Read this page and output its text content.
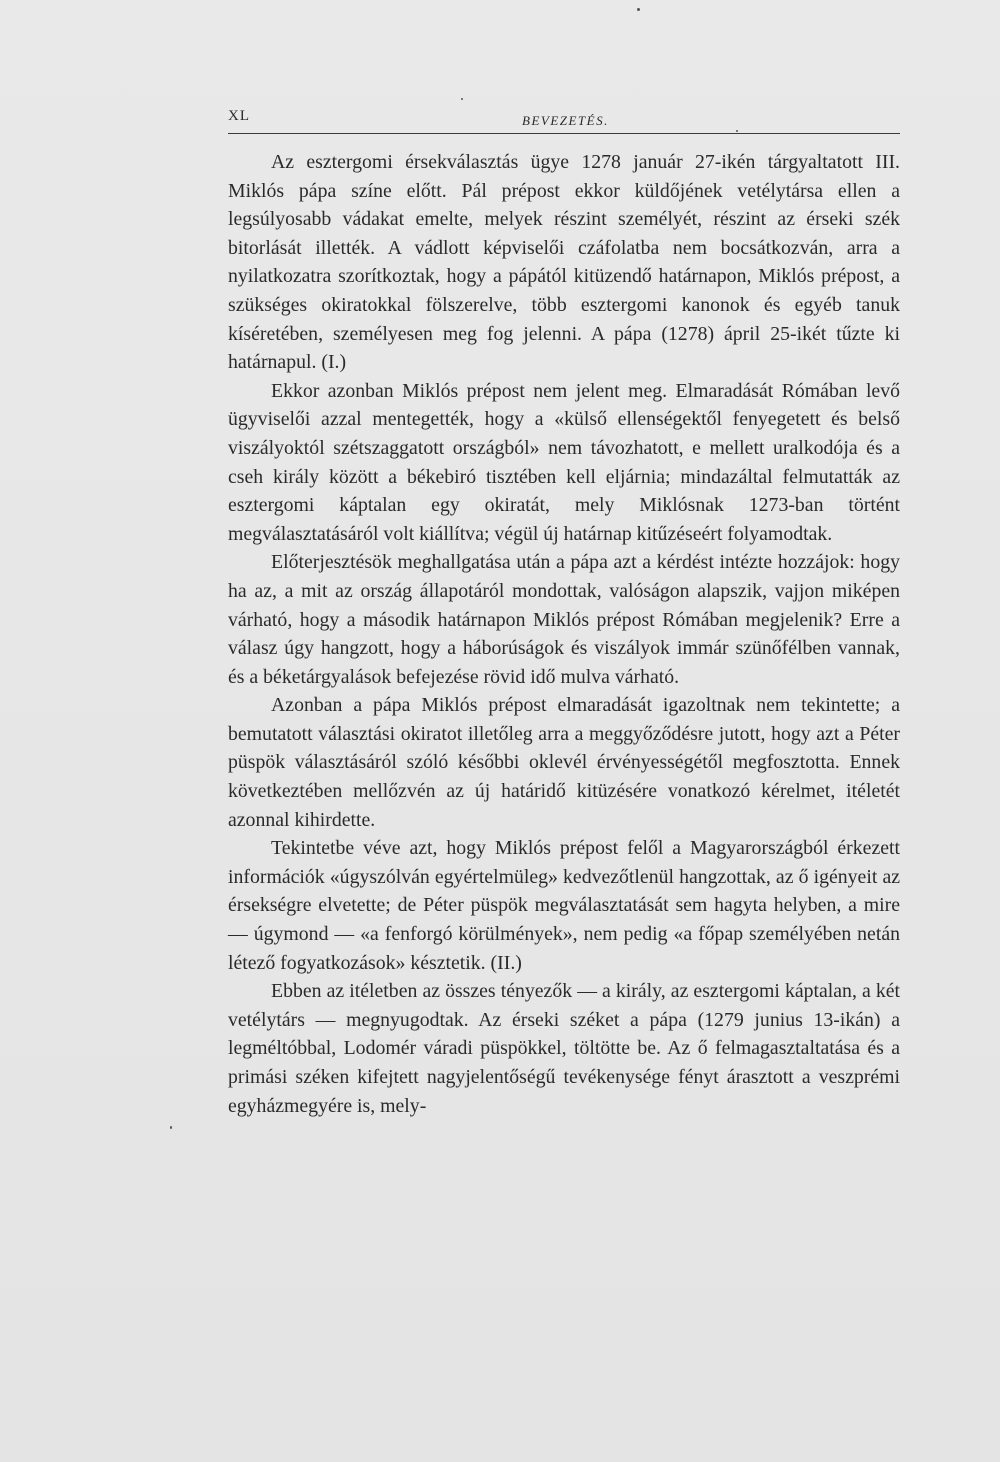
XL	BEVEZETÉS.

Az esztergomi érsekválasztás ügye 1278 január 27-ikén tárgyaltatott III. Miklós pápa színe előtt. Pál prépost ekkor küldőjének vetélytársa ellen a legsúlyosabb vádakat emelte, melyek részint személyét, részint az érseki szék bitorlását illették. A vádlott képviselői czáfolatba nem bocsátkozván, arra a nyilatkozatra szorítkoztak, hogy a pápától kitüzendő határnapon, Miklós prépost, a szükséges okiratokkal fölszerelve, több esztergomi kanonok és egyéb tanuk kíséretében, személyesen meg fog jelenni. A pápa (1278) ápril 25-ikét tűzte ki határnapul. (I.)

Ekkor azonban Miklós prépost nem jelent meg. Elmaradását Rómában levő ügyviselői azzal mentegették, hogy a «külső ellenségektől fenyegetett és belső viszályoktól szétszaggatott országból» nem távozhatott, e mellett uralkodója és a cseh király között a békebiró tisztében kell eljárnia; mindazáltal felmutatták az esztergomi káptalan egy okiratát, mely Miklósnak 1273-ban történt megválasztatásáról volt kiállítva; végül új határnap kitűzéseért folyamodtak.

Előterjesztésök meghallgatása után a pápa azt a kérdést intézte hozzájok: hogy ha az, a mit az ország állapotáról mondottak, valóságon alapszik, vajjon miképen várható, hogy a második határnapon Miklós prépost Rómában megjelenik? Erre a válasz úgy hangzott, hogy a háborúságok és viszályok immár szünőfélben vannak, és a béketárgyalások befejezése rövid idő mulva várható.

Azonban a pápa Miklós prépost elmaradását igazoltnak nem tekintette; a bemutatott választási okiratot illetőleg arra a meggyőződésre jutott, hogy azt a Péter püspök választásáról szóló későbbi oklevél érvényességétől megfosztotta. Ennek következtében mellőzvén az új határidő kitüzésére vonatkozó kérelmet, itéletét azonnal kihirdette.

Tekintetbe véve azt, hogy Miklós prépost felől a Magyarországból érkezett információk «úgyszólván egyértelmüleg» kedvezőtlenül hangzottak, az ő igényeit az érsekségre elvetette; de Péter püspök megválasztatását sem hagyta helyben, a mire — úgymond — «a fenforgó körülmények», nem pedig «a főpap személyében netán létező fogyatkozások» késztetik. (II.)

Ebben az itéletben az összes tényezők — a király, az esztergomi káptalan, a két vetélytárs — megnyugodtak. Az érseki széket a pápa (1279 junius 13-ikán) a legméltóbbal, Lodomér váradi püspökkel, töltötte be. Az ő felmagasztaltatása és a primási széken kifejtett nagyjelentőségű tevékenysége fényt árasztott a veszprémi egyházmegyére is, mely-
